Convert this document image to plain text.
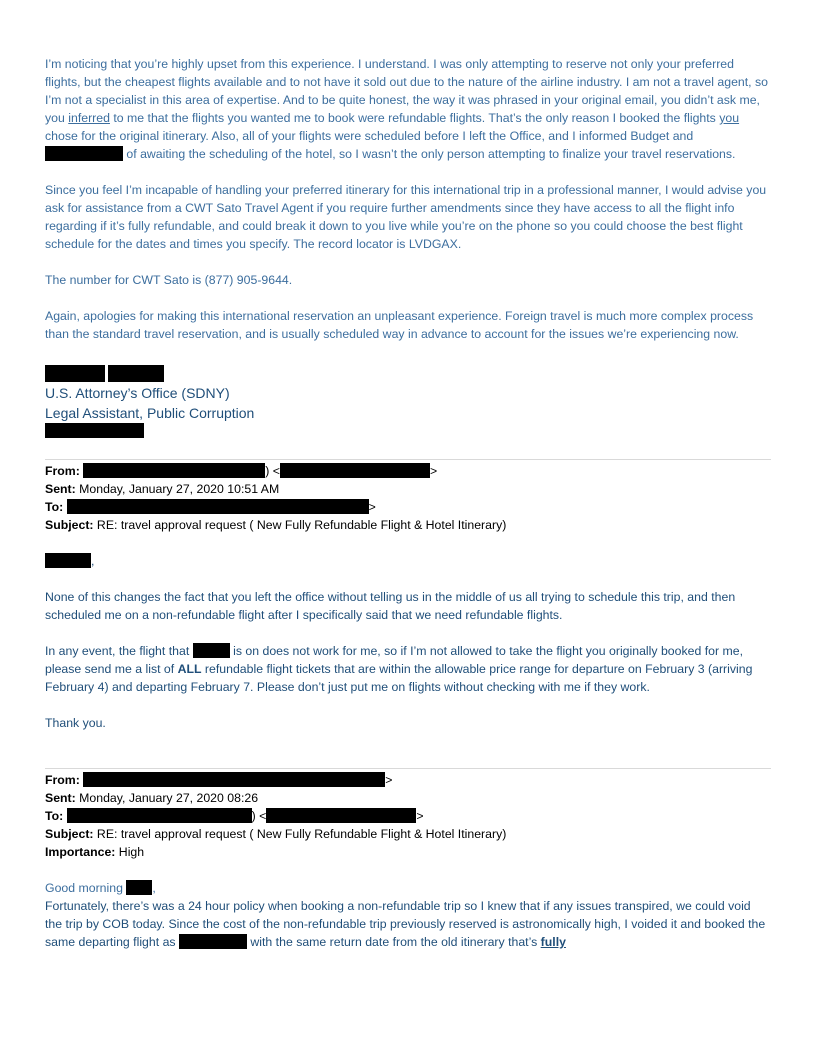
I’m noticing that you’re highly upset from this experience. I understand. I was only attempting to reserve not only your preferred flights, but the cheapest flights available and to not have it sold out due to the nature of the airline industry. I am not a travel agent, so I’m not a specialist in this area of expertise. And to be quite honest, the way it was phrased in your original email, you didn’t ask me, you inferred to me that the flights you wanted me to book were refundable flights. That’s the only reason I booked the flights you chose for the original itinerary. Also, all of your flights were scheduled before I left the Office, and I informed Budget and  of awaiting the scheduling of the hotel, so I wasn’t the only person attempting to finalize your travel reservations.

Since you feel I’m incapable of handling your preferred itinerary for this international trip in a professional manner, I would advise you ask for assistance from a CWT Sato Travel Agent if you require further amendments since they have access to all the flight info regarding if it’s fully refundable, and could break it down to you live while you’re on the phone so you could choose the best flight schedule for the dates and times you specify. The record locator is LVDGAX.

The number for CWT Sato is (877) 905-9644.

Again, apologies for making this international reservation an unpleasant experience. Foreign travel is much more complex process than the standard travel reservation, and is usually scheduled way in advance to account for the issues we’re experiencing now.

U.S. Attorney’s Office (SDNY)
Legal Assistant, Public Corruption
From:	) <	>
Sent: Monday, January 27, 2020 10:51 AM
To:	>
Subject: RE: travel approval request ( New Fully Refundable Flight & Hotel Itinerary)

,

None of this changes the fact that you left the office without telling us in the middle of us all trying to schedule this trip, and then scheduled me on a non-refundable flight after I specifically said that we need refundable flights.

In any event, the flight that	is on does not work for me, so if I’m not allowed to take the flight you originally booked for me, please send me a list of ALL refundable flight tickets that are within the allowable price range for departure on February 3 (arriving February 4) and departing February 7. Please don’t just put me on flights without checking with me if they work.

Thank you.

From:	>
Sent: Monday, January 27, 2020 08:26
To:	) <	>
Subject: RE: travel approval request ( New Fully Refundable Flight & Hotel Itinerary)
Importance: High

Good morning ,

Fortunately, there’s was a 24 hour policy when booking a non-refundable trip so I knew that if any issues transpired, we could void the trip by COB today. Since the cost of the non-refundable trip previously reserved is astronomically high, I voided it and booked the same departing flight as	with the same return date from the old itinerary that’s fully
